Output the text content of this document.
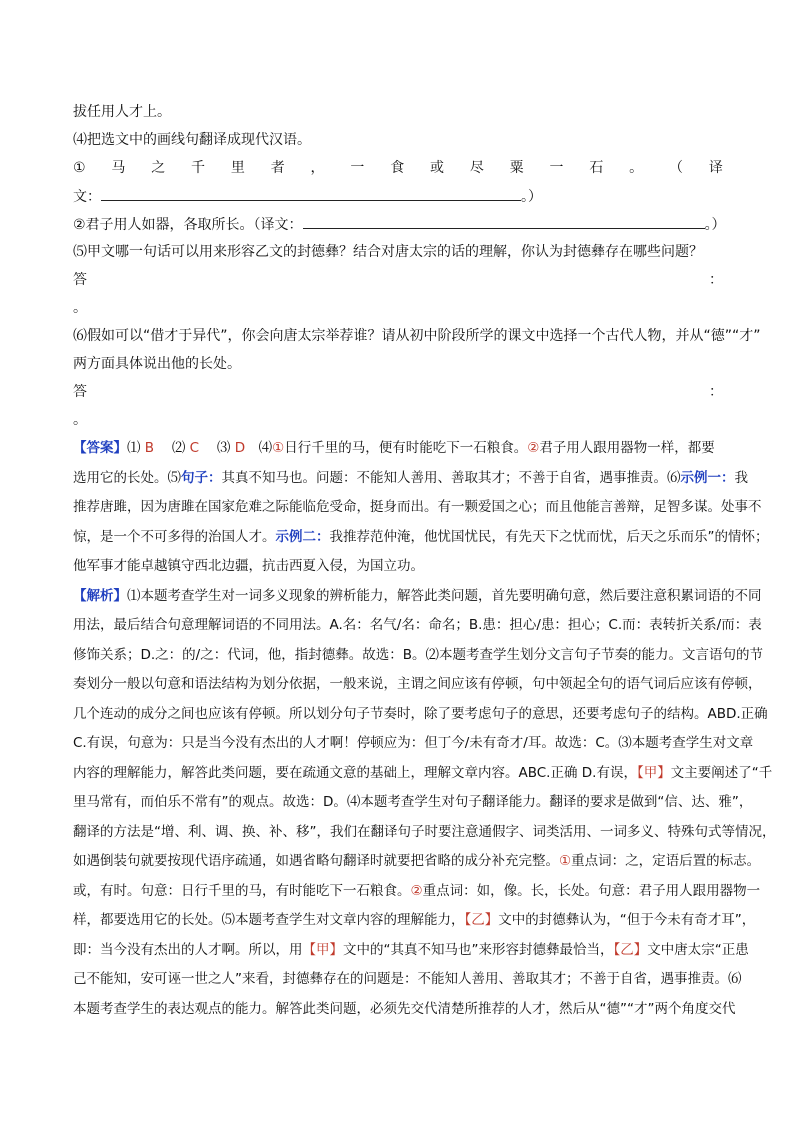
拔任用人才上。
⑷把选文中的画线句翻译成现代汉语。
① 马 之 千 里 者 ， 一 食 或 尽 粟 一 石 。 （ 译
文：	。）
②君子用人如器，各取所长。（译文：	。）
⑸甲文哪一句话可以用来形容乙文的封德彝？结合对唐太宗的话的理解，你认为封德彝存在哪些问题？
答	：
。
⑹假如可以“借才于异代”，你会向唐太宗举荐谁？请从初中阶段所学的课文中选择一个古代人物，并从“德”“才”
两方面具体说出他的长处。
答	：
。
【答案】⑴ B　 ⑵ C　 ⑶ D　⑷①日行千里的马，便有时能吃下一石粮食。②君子用人跟用器物一样，都要
选用它的长处。⑸句子：其真不知马也。问题：不能知人善用、善取其才；不善于自省，遇事推责。⑹示例一：我
推荐唐雎，因为唐雎在国家危难之际能临危受命，挺身而出。有一颗爱国之心；而且他能言善辩，足智多谋。处事不
惊，是一个不可多得的治国人才。示例二：我推荐范仲淹，他忧国忧民，有先天下之忧而忧，后天之乐而乐”的情怀；
他军事才能卓越镇守西北边疆，抗击西夏入侵，为国立功。
【解析】⑴本题考查学生对一词多义现象的辨析能力，解答此类问题，首先要明确句意，然后要注意积累词语的不同
用法，最后结合句意理解词语的不同用法。A.名：名气/名：命名；B.患：担心/患：担心；C.而：表转折关系/而：表
修饰关系；D.之：的/之：代词，他，指封德彝。故选：B。⑵本题考查学生划分文言句子节奏的能力。文言语句的节
奏划分一般以句意和语法结构为划分依据，一般来说，主谓之间应该有停顿，句中领起全句的语气词后应该有停顿，
几个连动的成分之间也应该有停顿。所以划分句子节奏时，除了要考虑句子的意思，还要考虑句子的结构。ABD.正确
C.有误，句意为：只是当今没有杰出的人才啊！停顿应为：但丁今/未有奇才/耳。故选：C。⑶本题考查学生对文章
内容的理解能力，解答此类问题，要在疏通文意的基础上，理解文章内容。ABC.正确 D.有误，【甲】文主要阐述了“千
里马常有，而伯乐不常有”的观点。故选：D。⑷本题考查学生对句子翻译能力。翻译的要求是做到“信、达、雅”，
翻译的方法是“增、利、调、换、补、移”，我们在翻译句子时要注意通假字、词类活用、一词多义、特殊句式等情况，
如遇倒装句就要按现代语序疏通，如遇省略句翻译时就要把省略的成分补充完整。①重点词：之，定语后置的标志。
或，有时。句意：日行千里的马，有时能吃下一石粮食。②重点词：如，像。长，长处。句意：君子用人跟用器物一
样，都要选用它的长处。⑸本题考查学生对文章内容的理解能力，【乙】文中的封德彝认为，“但于今未有奇才耳”，
即：当今没有杰出的人才啊。所以，用【甲】文中的“其真不知马也”来形容封德彝最恰当，【乙】文中唐太宗“正患
己不能知，安可诬一世之人”来看，封德彝存在的问题是：不能知人善用、善取其才；不善于自省，遇事推责。⑹
本题考查学生的表达观点的能力。解答此类问题，必须先交代清楚所推荐的人才，然后从“德”“才”两个角度交代
